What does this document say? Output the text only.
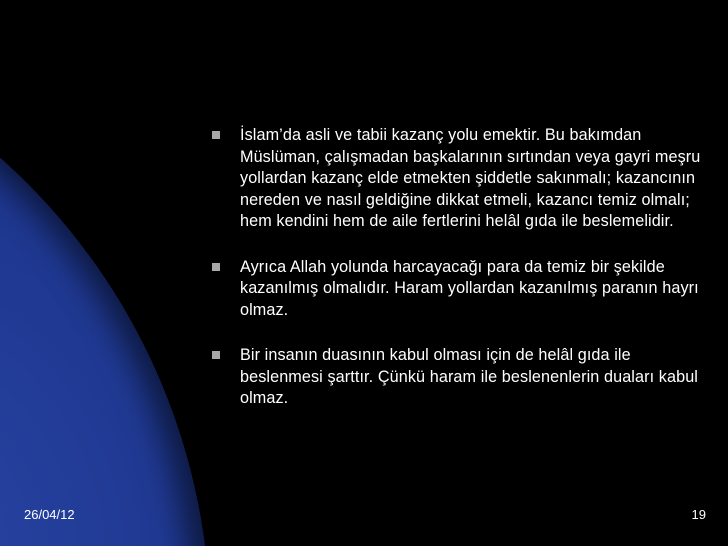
İslam’da asli ve tabii kazanç yolu emektir. Bu bakımdan Müslüman, çalışmadan başkalarının sırtından veya gayri meşru yollardan kazanç elde etmekten şiddetle sakınmalı; kazancının nereden ve nasıl geldiğine dikkat etmeli, kazancı temiz olmalı; hem kendini hem de aile fertlerini helâl gıda ile beslemelidir.
Ayrıca Allah yolunda harcayacağı para da temiz bir şekilde kazanılmış olmalıdır. Haram yollardan kazanılmış paranın hayrı olmaz.
Bir insanın duasının kabul olması için de helâl gıda ile beslenmesi şarttır. Çünkü haram ile beslenenlerin duaları kabul olmaz.
26/04/12	19
